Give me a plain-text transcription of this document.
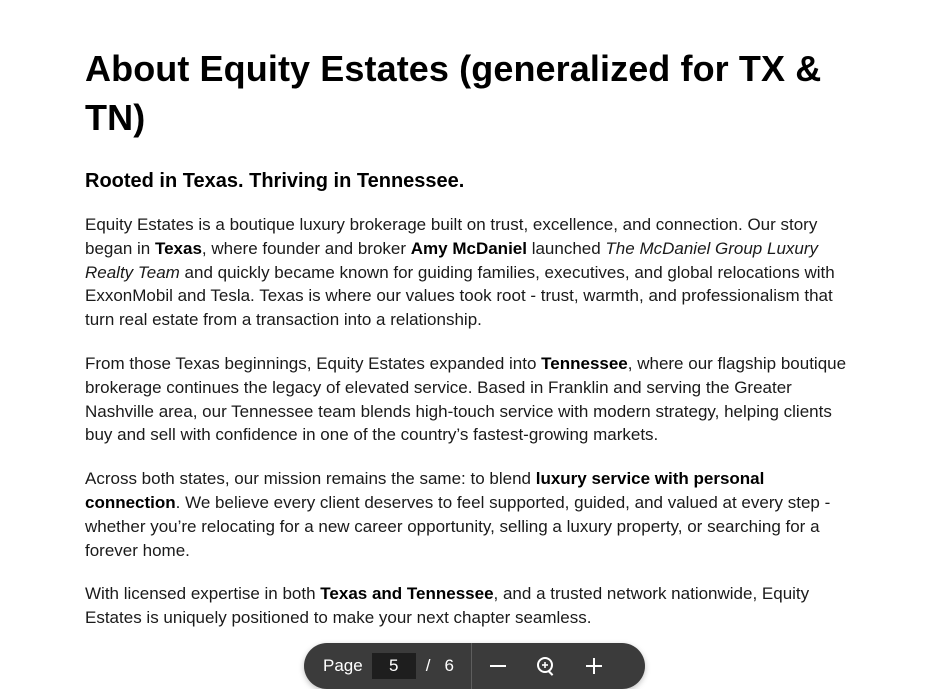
About Equity Estates (generalized for TX & TN)
Rooted in Texas. Thriving in Tennessee.

Equity Estates is a boutique luxury brokerage built on trust, excellence, and connection. Our story began in Texas, where founder and broker Amy McDaniel launched The McDaniel Group Luxury Realty Team and quickly became known for guiding families, executives, and global relocations with ExxonMobil and Tesla. Texas is where our values took root - trust, warmth, and professionalism that turn real estate from a transaction into a relationship.

From those Texas beginnings, Equity Estates expanded into Tennessee, where our flagship boutique brokerage continues the legacy of elevated service. Based in Franklin and serving the Greater Nashville area, our Tennessee team blends high-touch service with modern strategy, helping clients buy and sell with confidence in one of the country’s fastest-growing markets.

Across both states, our mission remains the same: to blend luxury service with personal connection. We believe every client deserves to feel supported, guided, and valued at every step - whether you’re relocating for a new career opportunity, selling a luxury property, or searching for a forever home.

With licensed expertise in both Texas and Tennessee, and a trusted network nationwide, Equity Estates is uniquely positioned to make your next chapter seamless.

Page
5	/ 6
